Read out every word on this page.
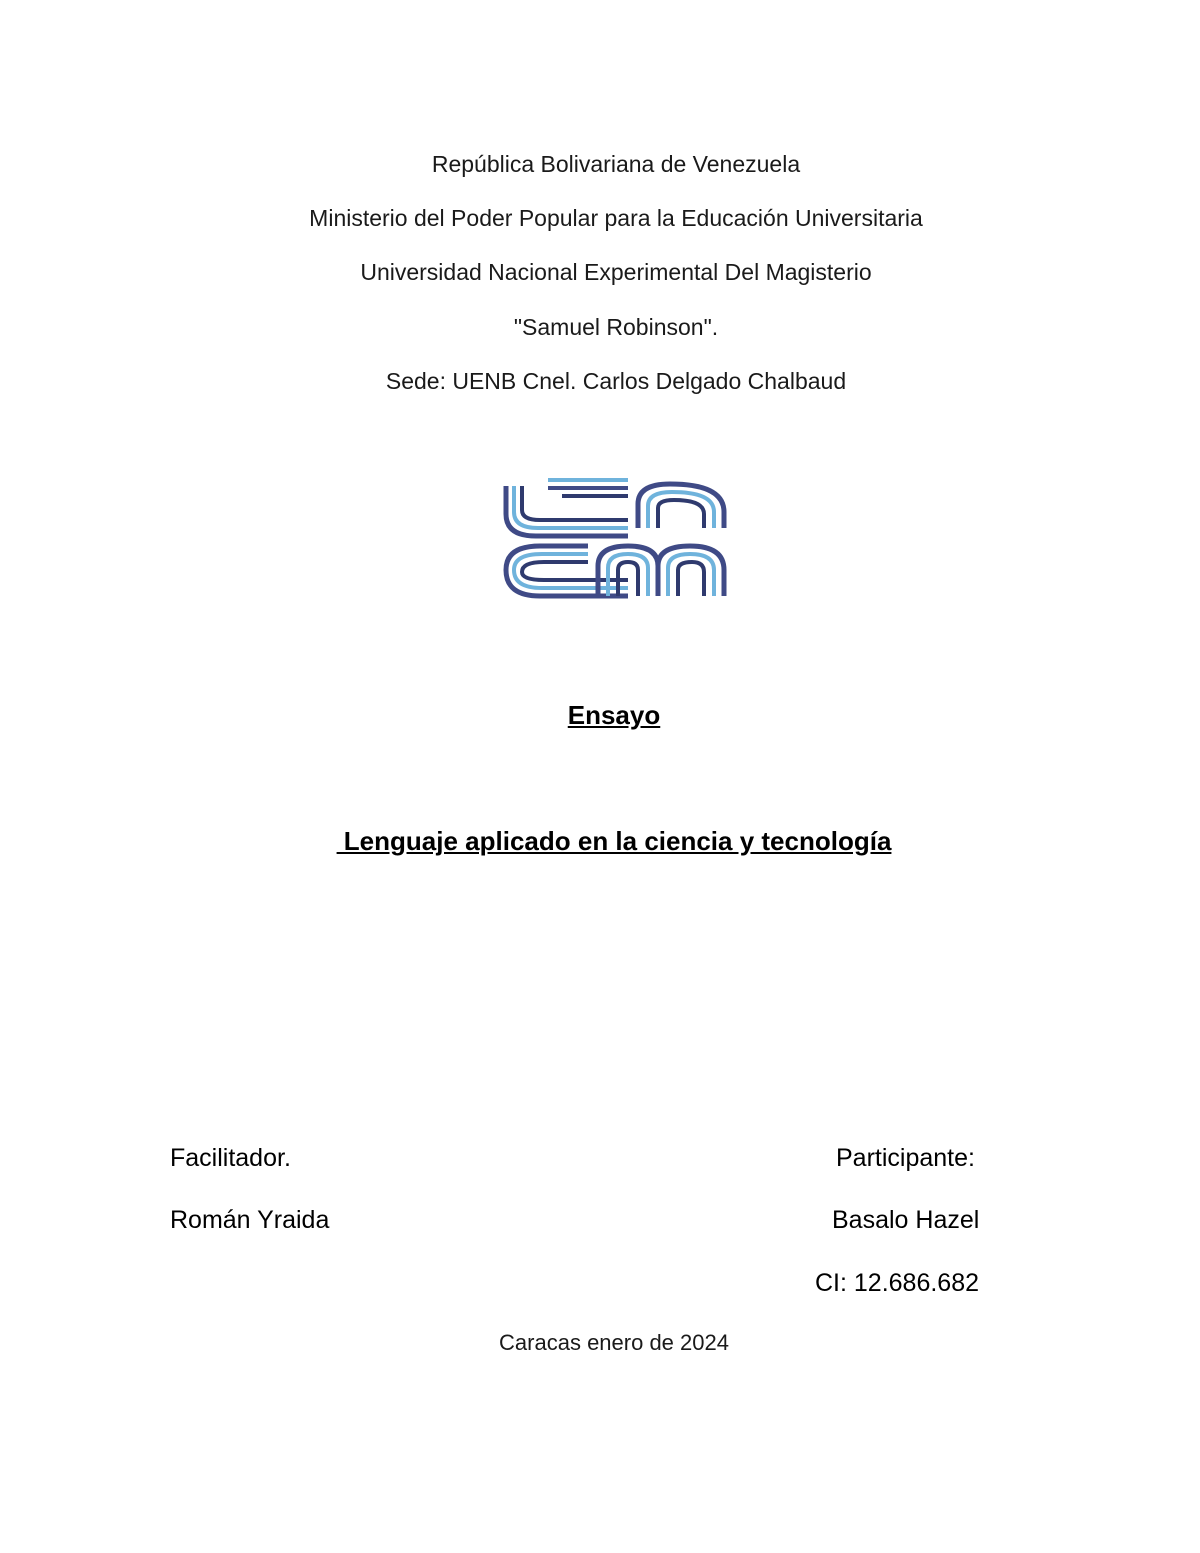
República Bolivariana de Venezuela
Ministerio del Poder Popular para la Educación Universitaria
Universidad Nacional Experimental Del Magisterio
"Samuel Robinson".
Sede: UENB Cnel. Carlos Delgado Chalbaud
Ensayo
Lenguaje aplicado en la ciencia y tecnología
Facilitador.
Román Yraida
Participante:
Basalo Hazel
CI: 12.686.682
Caracas enero de 2024
